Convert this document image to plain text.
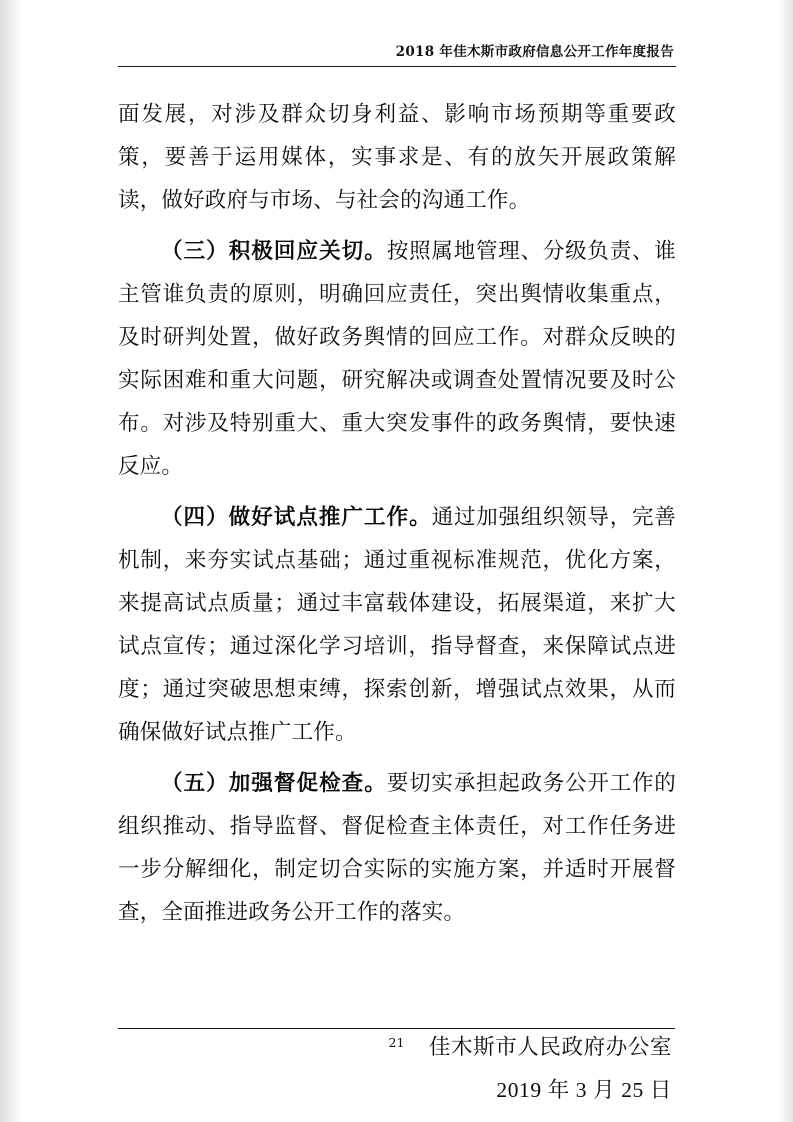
2018 年佳木斯市政府信息公开工作年度报告

面发展，对涉及群众切身利益、影响市场预期等重要政策，要善于运用媒体，实事求是、有的放矢开展政策解读，做好政府与市场、与社会的沟通工作。

（三）积极回应关切。按照属地管理、分级负责、谁主管谁负责的原则，明确回应责任，突出舆情收集重点，及时研判处置，做好政务舆情的回应工作。对群众反映的实际困难和重大问题，研究解决或调查处置情况要及时公布。对涉及特别重大、重大突发事件的政务舆情，要快速反应。

（四）做好试点推广工作。通过加强组织领导，完善机制，来夯实试点基础；通过重视标准规范，优化方案，来提高试点质量；通过丰富载体建设，拓展渠道，来扩大试点宣传；通过深化学习培训，指导督查，来保障试点进度；通过突破思想束缚，探索创新，增强试点效果，从而确保做好试点推广工作。

（五）加强督促检查。要切实承担起政务公开工作的组织推动、指导监督、督促检查主体责任，对工作任务进一步分解细化，制定切合实际的实施方案，并适时开展督查，全面推进政务公开工作的落实。

佳木斯市人民政府办公室
2019 年 3 月 25 日
21
